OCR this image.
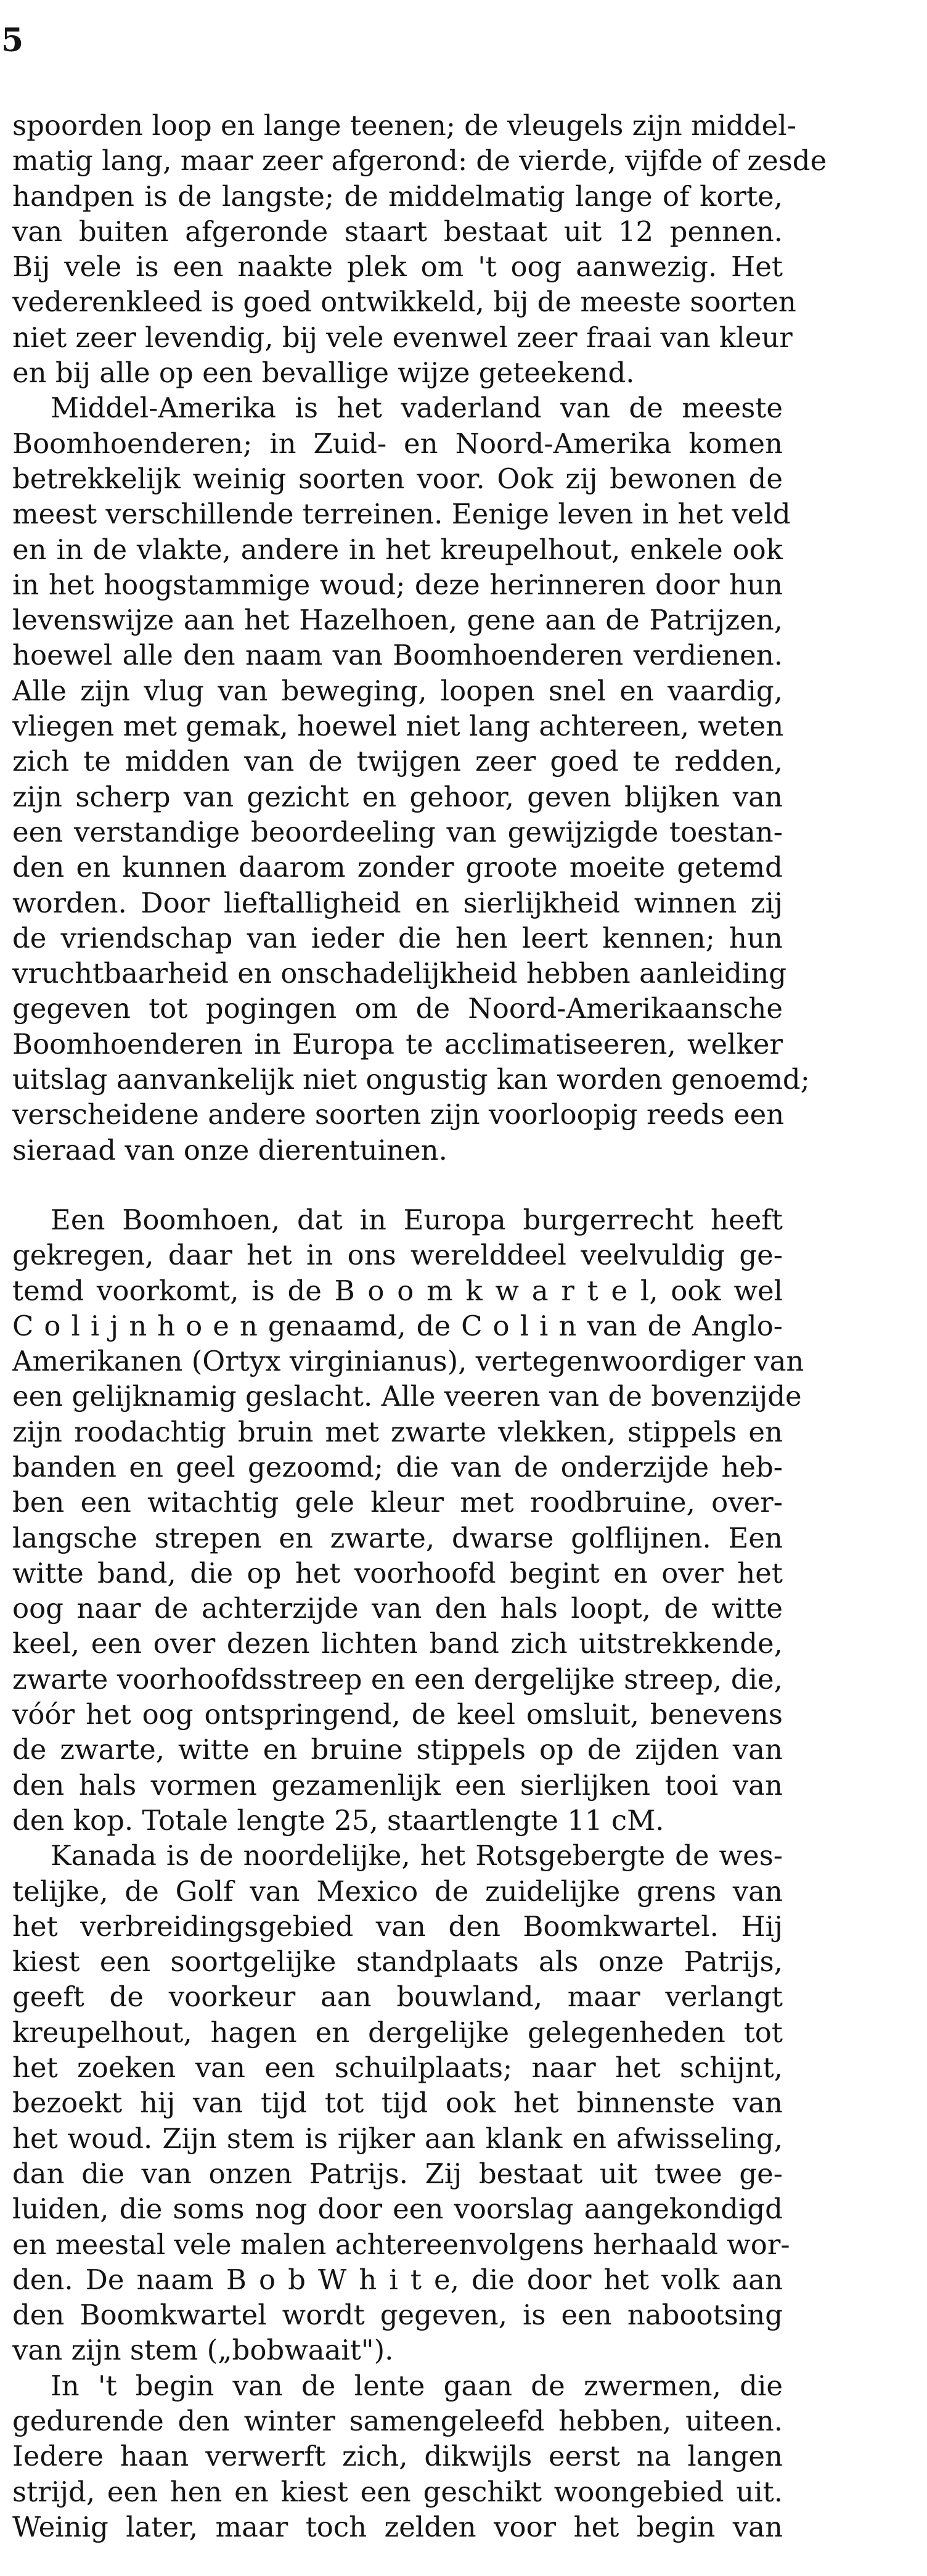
5
spoorden loop en lange teenen; de vleugels zijn middel-
matig lang, maar zeer afgerond: de vierde, vijfde of zesde
handpen is de langste; de middelmatig lange of korte,
van buiten afgeronde staart bestaat uit 12 pennen.
Bij vele is een naakte plek om 't oog aanwezig. Het
vederenkleed is goed ontwikkeld, bij de meeste soorten
niet zeer levendig, bij vele evenwel zeer fraai van kleur
en bij alle op een bevallige wijze geteekend.
Middel-Amerika is het vaderland van de meeste
Boomhoenderen; in Zuid- en Noord-Amerika komen
betrekkelijk weinig soorten voor. Ook zij bewonen de
meest verschillende terreinen. Eenige leven in het veld
en in de vlakte, andere in het kreupelhout, enkele ook
in het hoogstammige woud; deze herinneren door hun
levenswijze aan het Hazelhoen, gene aan de Patrijzen,
hoewel alle den naam van Boomhoenderen verdienen.
Alle zijn vlug van beweging, loopen snel en vaardig,
vliegen met gemak, hoewel niet lang achtereen, weten
zich te midden van de twijgen zeer goed te redden,
zijn scherp van gezicht en gehoor, geven blijken van
een verstandige beoordeeling van gewijzigde toestan-
den en kunnen daarom zonder groote moeite getemd
worden. Door lieftalligheid en sierlijkheid winnen zij
de vriendschap van ieder die hen leert kennen; hun
vruchtbaarheid en onschadelijkheid hebben aanleiding
gegeven tot pogingen om de Noord-Amerikaansche
Boomhoenderen in Europa te acclimatiseeren, welker
uitslag aanvankelijk niet ongustig kan worden genoemd;
verscheidene andere soorten zijn voorloopig reeds een
sieraad van onze dierentuinen.
Een Boomhoen, dat in Europa burgerrecht heeft
gekregen, daar het in ons werelddeel veelvuldig ge-
temd voorkomt, is de B o o m k w a r t e l, ook wel
C o l i j n h o e n genaamd, de C o l i n van de Anglo-
Amerikanen (Ortyx virginianus), vertegenwoordiger van
een gelijknamig geslacht. Alle veeren van de bovenzijde
zijn roodachtig bruin met zwarte vlekken, stippels en
banden en geel gezoomd; die van de onderzijde heb-
ben een witachtig gele kleur met roodbruine, over-
langsche strepen en zwarte, dwarse golflijnen. Een
witte band, die op het voorhoofd begint en over het
oog naar de achterzijde van den hals loopt, de witte
keel, een over dezen lichten band zich uitstrekkende,
zwarte voorhoofdsstreep en een dergelijke streep, die,
vóór het oog ontspringend, de keel omsluit, benevens
de zwarte, witte en bruine stippels op de zijden van
den hals vormen gezamenlijk een sierlijken tooi van
den kop. Totale lengte 25, staartlengte 11 cM.
Kanada is de noordelijke, het Rotsgebergte de wes-
telijke, de Golf van Mexico de zuidelijke grens van
het verbreidingsgebied van den Boomkwartel. Hij
kiest een soortgelijke standplaats als onze Patrijs,
geeft de voorkeur aan bouwland, maar verlangt
kreupelhout, hagen en dergelijke gelegenheden tot
het zoeken van een schuilplaats; naar het schijnt,
bezoekt hij van tijd tot tijd ook het binnenste van
het woud. Zijn stem is rijker aan klank en afwisseling,
dan die van onzen Patrijs. Zij bestaat uit twee ge-
luiden, die soms nog door een voorslag aangekondigd
en meestal vele malen achtereenvolgens herhaald wor-
den. De naam B o b W h i t e, die door het volk aan
den Boomkwartel wordt gegeven, is een nabootsing
van zijn stem („bobwaait").
In 't begin van de lente gaan de zwermen, die
gedurende den winter samengeleefd hebben, uiteen.
Iedere haan verwerft zich, dikwijls eerst na langen
strijd, een hen en kiest een geschikt woongebied uit.
Weinig later, maar toch zelden voor het begin van
